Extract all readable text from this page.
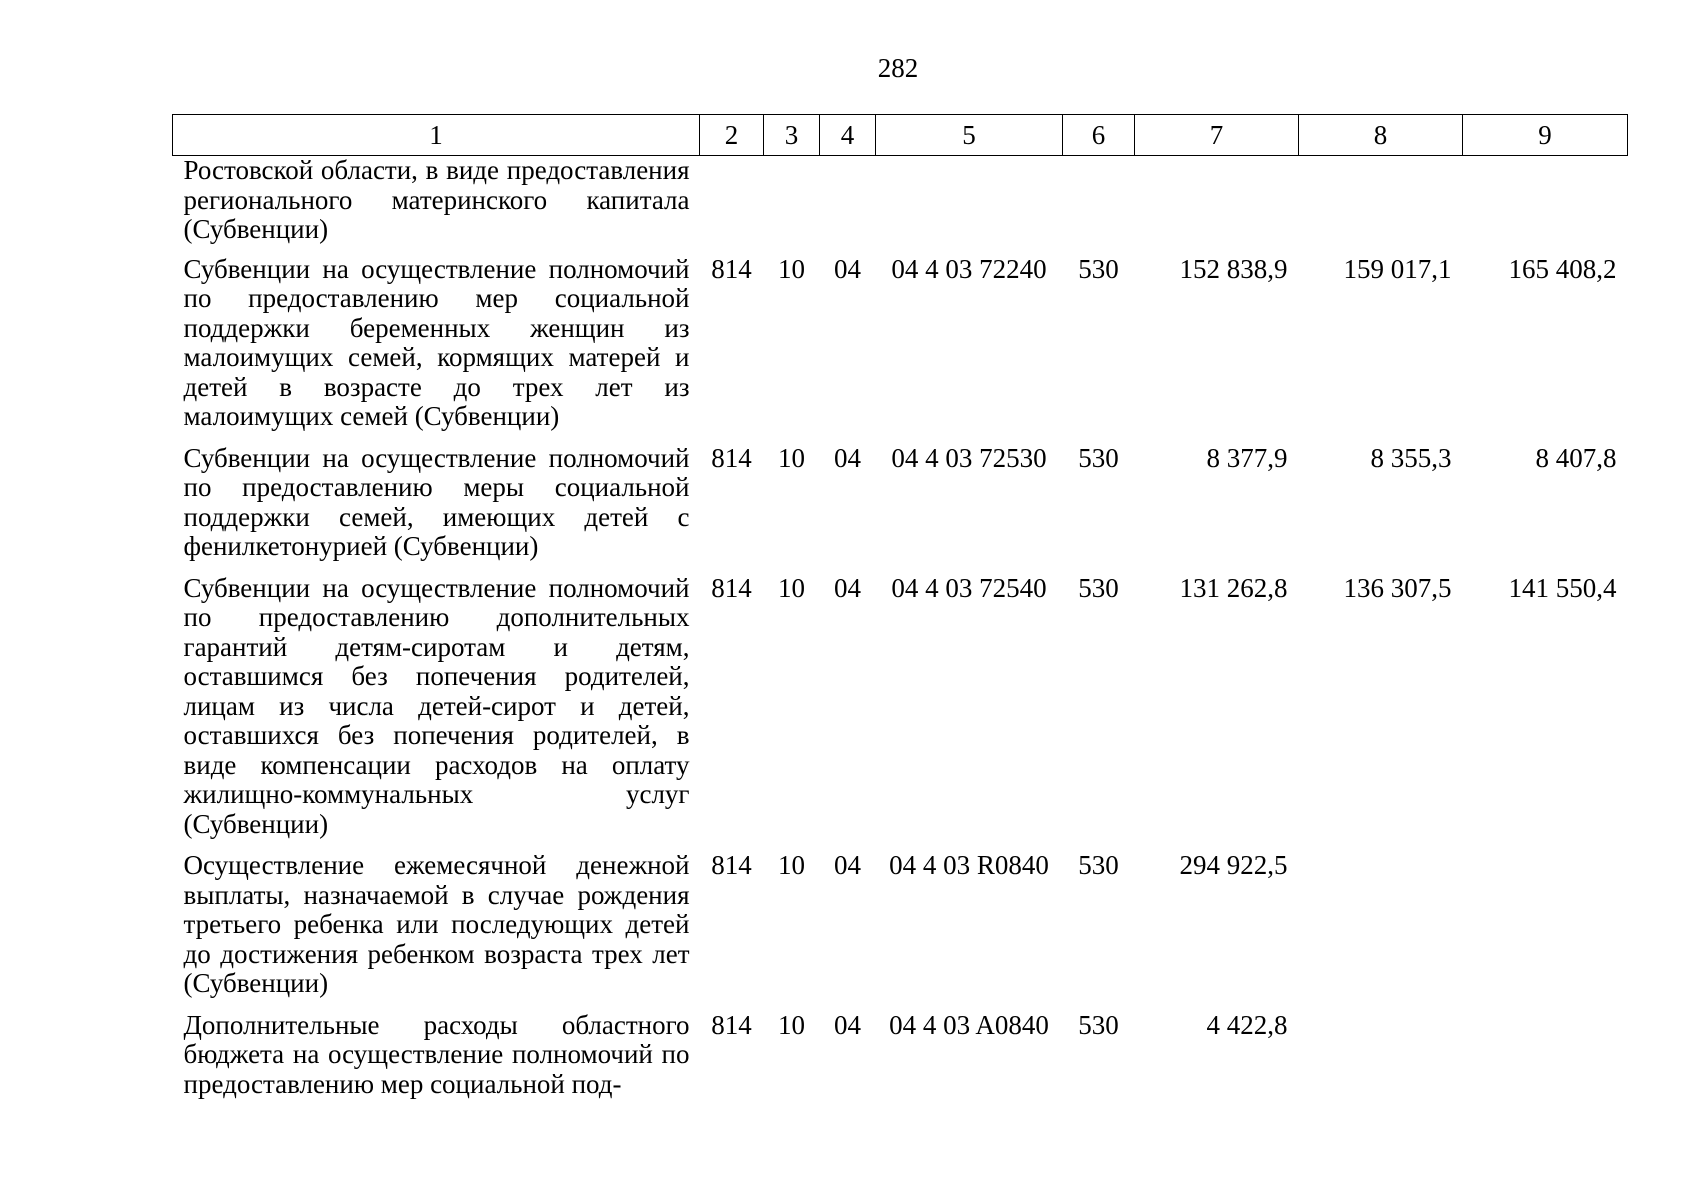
282
1	2	3	4	5	6	7	8	9
Ростовской области, в виде предоставления регионального материнского капитала (Субвенции)								
Субвенции на осуществление полномочий по предоставлению мер социальной поддержки беременных женщин из малоимущих семей, кормящих матерей и детей в возрасте до трех лет из малоимущих семей (Субвенции)	814	10	04	04 4 03 72240	530	152 838,9	159 017,1	165 408,2
Субвенции на осуществление полномочий по предоставлению меры социальной поддержки семей, имеющих детей с фенилкетонурией (Субвенции)	814	10	04	04 4 03 72530	530	8 377,9	8 355,3	8 407,8
Субвенции на осуществление полномочий по предоставлению дополнительных гарантий детям-сиротам и детям, оставшимся без попечения родителей, лицам из числа детей-сирот и детей, оставшихся без попечения родителей, в виде компенсации расходов на оплату жилищно-коммунальных услуг (Субвенции)	814	10	04	04 4 03 72540	530	131 262,8	136 307,5	141 550,4
Осуществление ежемесячной денежной выплаты, назначаемой в случае рождения третьего ребенка или последующих детей до достижения ребенком возраста трех лет (Субвенции)	814	10	04	04 4 03 R0840	530	294 922,5		
Дополнительные расходы областного бюджета на осуществление полномочий по предоставлению мер социальной под-	814	10	04	04 4 03 A0840	530	4 422,8		
